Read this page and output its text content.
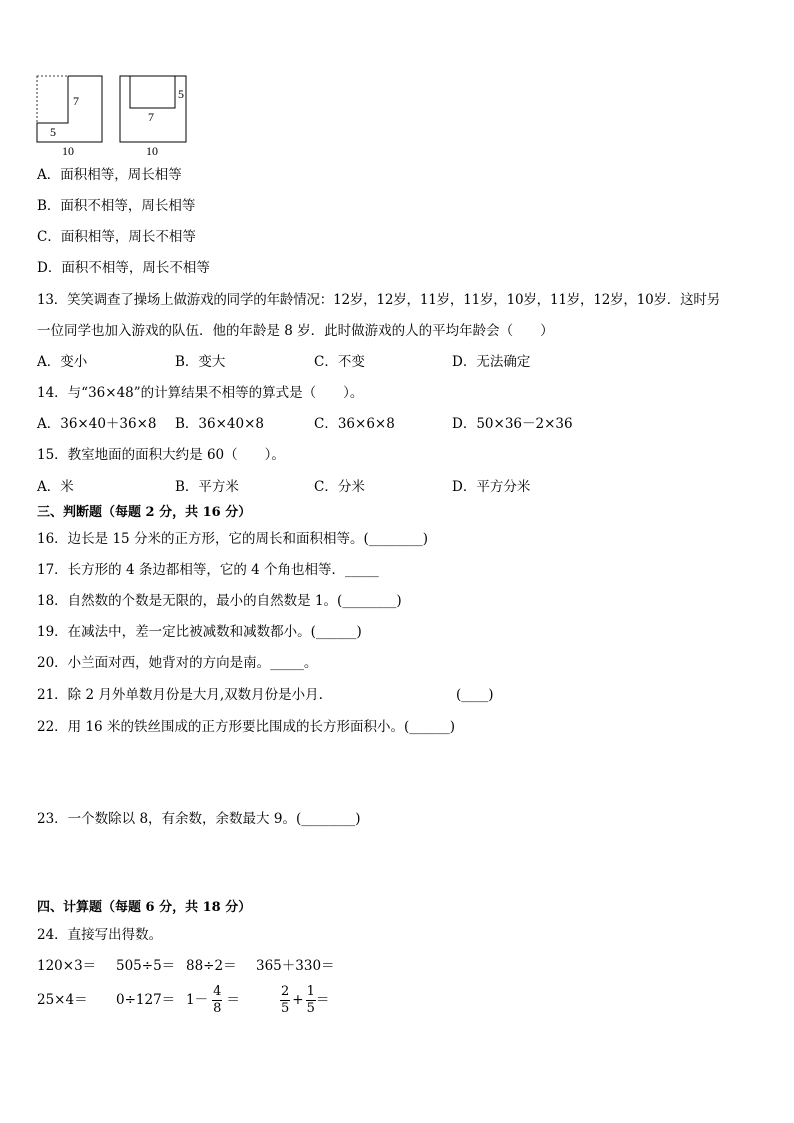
7
5
10
5
7
10
A．面积相等，周长相等
B．面积不相等，周长相等
C．面积相等，周长不相等
D．面积不相等，周长不相等
13．笑笑调查了操场上做游戏的同学的年龄情况：12岁，12岁，11岁，11岁，10岁，11岁，12岁，10岁．这时另
一位同学也加入游戏的队伍．他的年龄是 8 岁．此时做游戏的人的平均年龄会（　　）
A．变小	B．变大	C．不变	D．无法确定
14．与“36×48”的计算结果不相等的算式是（　　）。
A．36×40＋36×8 B．36×40×8	C．36×6×8	D．50×36－2×36
15．教室地面的面积大约是 60（　　）。
A．米	B．平方米	C．分米	D．平方分米
三、判断题（每题 2 分，共 16 分）
16．边长是 15 分米的正方形，它的周长和面积相等。(________)
17．长方形的 4 条边都相等，它的 4 个角也相等．_____
18．自然数的个数是无限的，最小的自然数是 1。(________)
19．在减法中，差一定比被减数和减数都小。(______)
20．小兰面对西，她背对的方向是南。_____。
21．除 2 月外单数月份是大月,双数月份是小月.	(____)
22．用 16 米的铁丝围成的正方形要比围成的长方形面积小。(______)
23．一个数除以 8，有余数，余数最大 9。(________)
四、计算题（每题 6 分，共 18 分）
24．直接写出得数。
120×3＝ 505÷5＝ 88÷2＝ 365＋330＝
$25\times 4= 0\div 127= 1- \frac{4}{8}$ ＝	$\frac{2}{5} + \frac{1}{5}$ ＝
